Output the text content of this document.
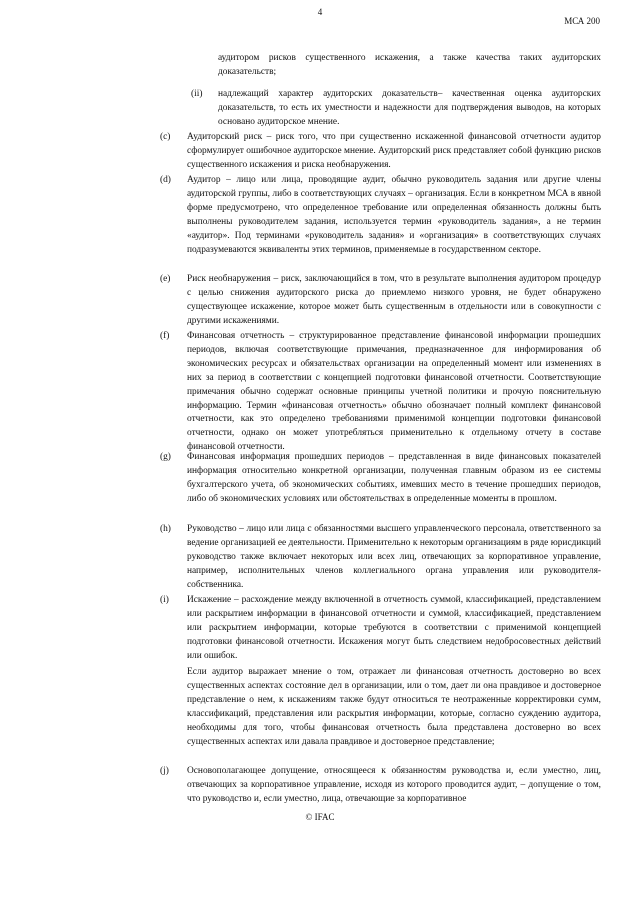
4
МСА 200
аудитором рисков существенного искажения, а также качества таких аудиторских доказательств;
(ii) надлежащий характер аудиторских доказательств– качественная оценка аудиторских доказательств, то есть их уместности и надежности для подтверждения выводов, на которых основано аудиторское мнение.
(c) Аудиторский риск – риск того, что при существенно искаженной финансовой отчетности аудитор сформулирует ошибочное аудиторское мнение. Аудиторский риск представляет собой функцию рисков существенного искажения и риска необнаружения.
(d) Аудитор – лицо или лица, проводящие аудит, обычно руководитель задания или другие члены аудиторской группы, либо в соответствующих случаях – организация. Если в конкретном МСА в явной форме предусмотрено, что определенное требование или определенная обязанность должны быть выполнены руководителем задания, используется термин «руководитель задания», а не термин «аудитор». Под терминами «руководитель задания» и «организация» в соответствующих случаях подразумеваются эквиваленты этих терминов, применяемые в государственном секторе.
(e) Риск необнаружения – риск, заключающийся в том, что в результате выполнения аудитором процедур с целью снижения аудиторского риска до приемлемо низкого уровня, не будет обнаружено существующее искажение, которое может быть существенным в отдельности или в совокупности с другими искажениями.
(f) Финансовая отчетность – структурированное представление финансовой информации прошедших периодов, включая соответствующие примечания, предназначенное для информирования об экономических ресурсах и обязательствах организации на определенный момент или изменениях в них за период в соответствии с концепцией подготовки финансовой отчетности. Соответствующие примечания обычно содержат основные принципы учетной политики и прочую пояснительную информацию. Термин «финансовая отчетность» обычно обозначает полный комплект финансовой отчетности, как это определено требованиями применимой концепции подготовки финансовой отчетности, однако он может употребляться применительно к отдельному отчету в составе финансовой отчетности.
(g) Финансовая информация прошедших периодов – представленная в виде финансовых показателей информация относительно конкретной организации, полученная главным образом из ее системы бухгалтерского учета, об экономических событиях, имевших место в течение прошедших периодов, либо об экономических условиях или обстоятельствах в определенные моменты в прошлом.
(h) Руководство – лицо или лица с обязанностями высшего управленческого персонала, ответственного за ведение организацией ее деятельности. Применительно к некоторым организациям в ряде юрисдикций руководство также включает некоторых или всех лиц, отвечающих за корпоративное управление, например, исполнительных членов коллегиального органа управления или руководителя-собственника.
(i) Искажение – расхождение между включенной в отчетность суммой, классификацией, представлением или раскрытием информации в финансовой отчетности и суммой, классификацией, представлением или раскрытием информации, которые требуются в соответствии с применимой концепцией подготовки финансовой отчетности. Искажения могут быть следствием недобросовестных действий или ошибок.
Если аудитор выражает мнение о том, отражает ли финансовая отчетность достоверно во всех существенных аспектах состояние дел в организации, или о том, дает ли она правдивое и достоверное представление о нем, к искажениям также будут относиться те неотраженные корректировки сумм, классификаций, представления или раскрытия информации, которые, согласно суждению аудитора, необходимы для того, чтобы финансовая отчетность была представлена достоверно во всех существенных аспектах или давала правдивое и достоверное представление;
(j) Основополагающее допущение, относящееся к обязанностям руководства и, если уместно, лиц, отвечающих за корпоративное управление, исходя из которого проводится аудит, – допущение о том, что руководство и, если уместно, лица, отвечающие за корпоративное
© IFAC
